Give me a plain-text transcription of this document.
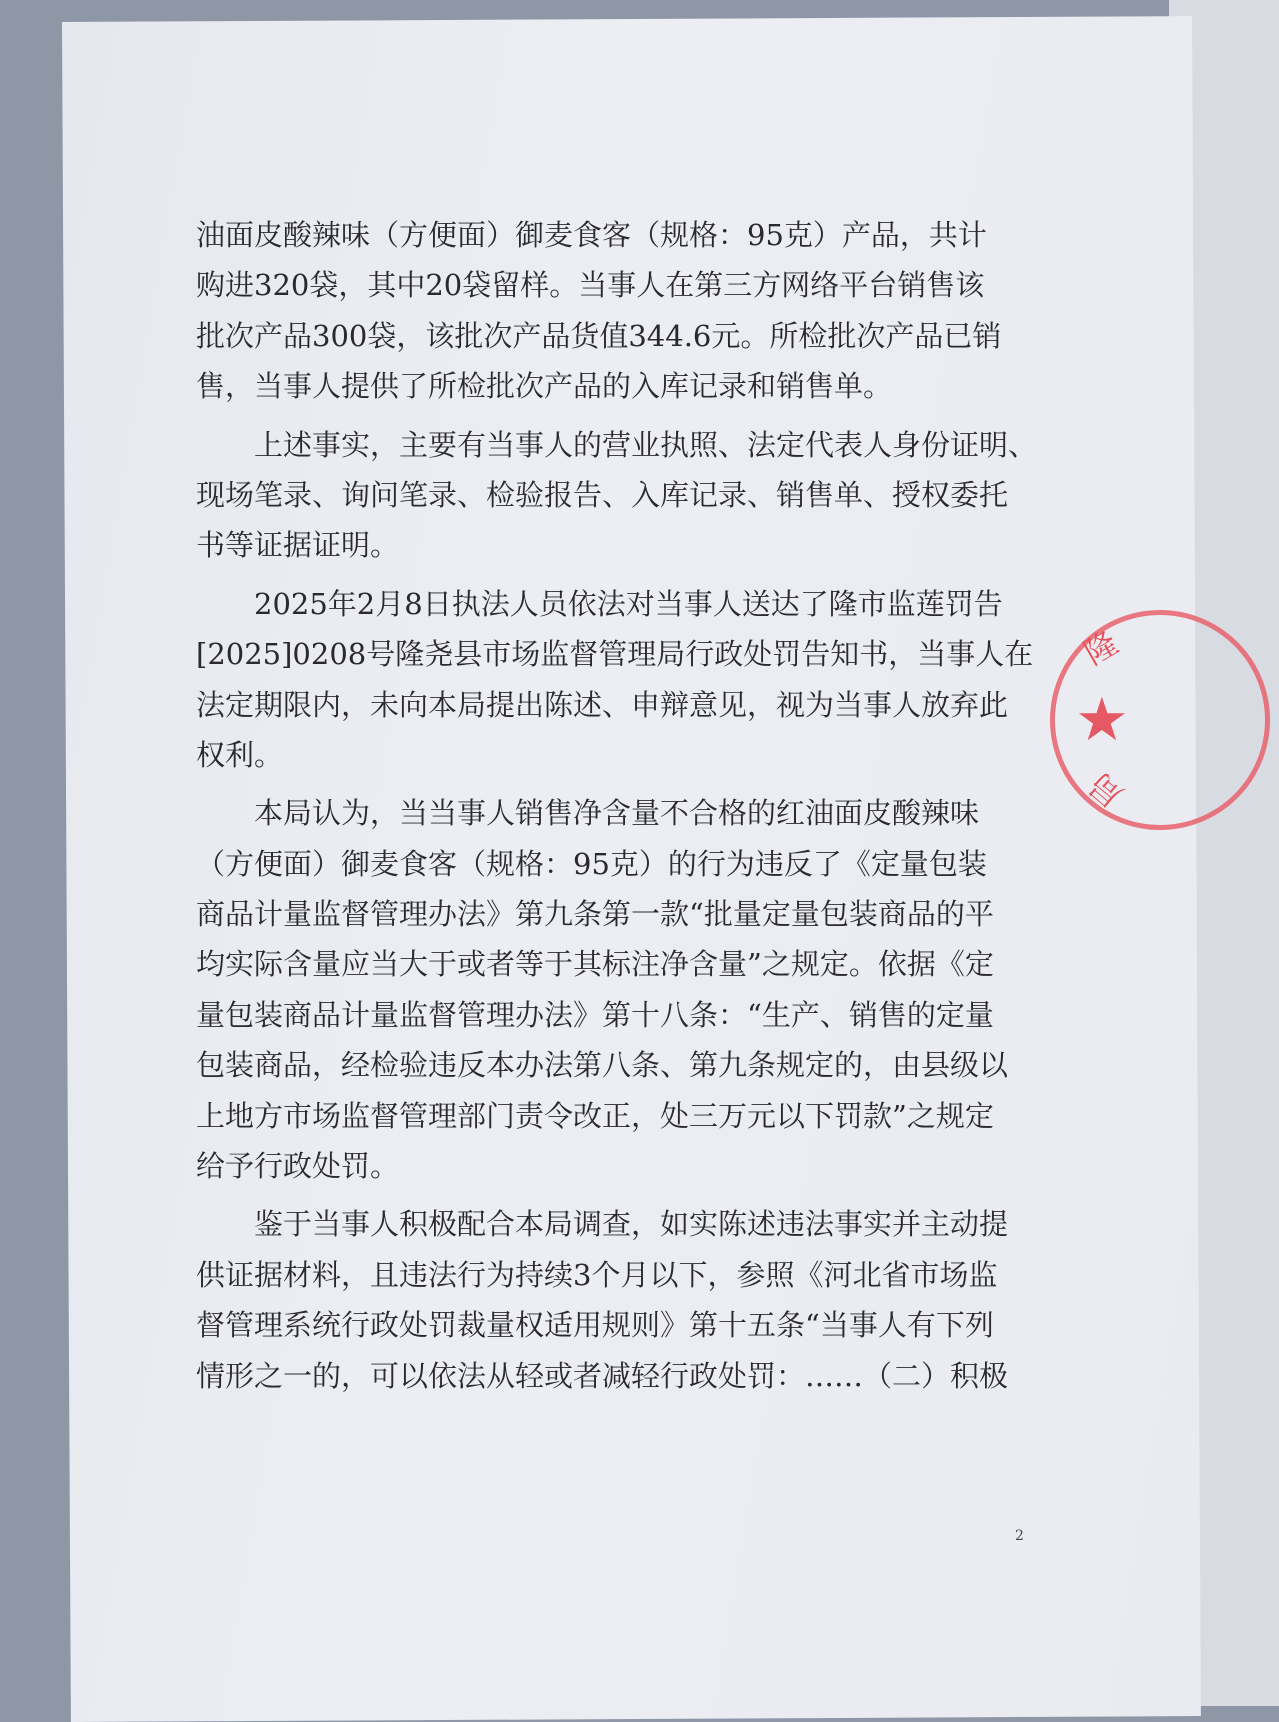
★
隆
局
油面皮酸辣味（方便面）御麦食客（规格：95克）产品，共计
购进320袋，其中20袋留样。当事人在第三方网络平台销售该
批次产品300袋，该批次产品货值344.6元。所检批次产品已销
售，当事人提供了所检批次产品的入库记录和销售单。
上述事实，主要有当事人的营业执照、法定代表人身份证明、
现场笔录、询问笔录、检验报告、入库记录、销售单、授权委托
书等证据证明。
2025年2月8日执法人员依法对当事人送达了隆市监莲罚告
[2025]0208号隆尧县市场监督管理局行政处罚告知书，当事人在
法定期限内，未向本局提出陈述、申辩意见，视为当事人放弃此
权利。
本局认为，当当事人销售净含量不合格的红油面皮酸辣味
（方便面）御麦食客（规格：95克）的行为违反了《定量包装
商品计量监督管理办法》第九条第一款“批量定量包装商品的平
均实际含量应当大于或者等于其标注净含量”之规定。依据《定
量包装商品计量监督管理办法》第十八条：“生产、销售的定量
包装商品，经检验违反本办法第八条、第九条规定的，由县级以
上地方市场监督管理部门责令改正，处三万元以下罚款”之规定
给予行政处罚。
鉴于当事人积极配合本局调查，如实陈述违法事实并主动提
供证据材料，且违法行为持续3个月以下，参照《河北省市场监
督管理系统行政处罚裁量权适用规则》第十五条“当事人有下列
情形之一的，可以依法从轻或者减轻行政处罚：……（二）积极
2
